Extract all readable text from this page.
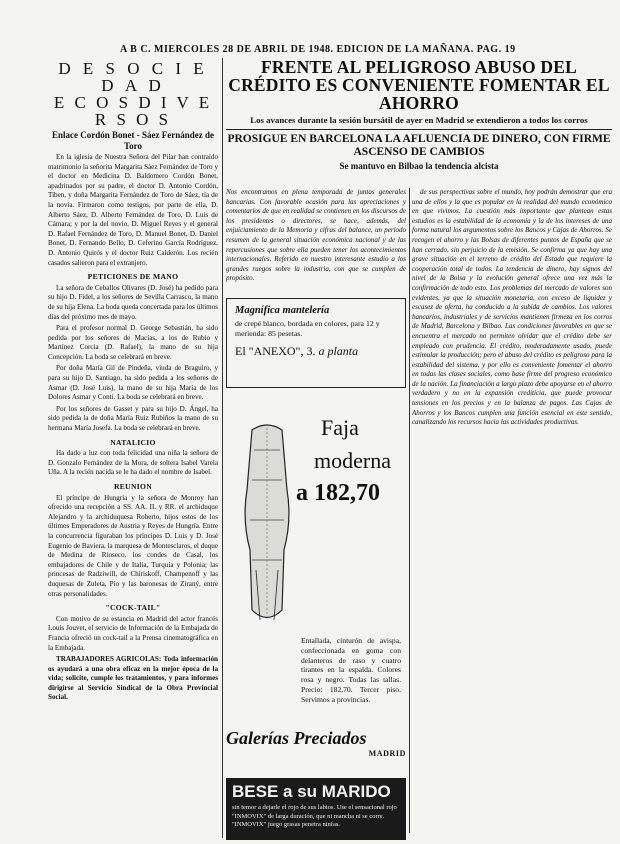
A B C. MIERCOLES 28 DE ABRIL DE 1948. EDICION DE LA MAÑANA. PAG. 19
D E S O C I E D A D
E C O S D I V E R S O S
Enlace Cordón Bonet - Sáez Fernández de Toro

En la iglesia de Nuestra Señora del Pilar han contraído matrimonio la señorita Margarita Sáez Fernández de Toro y el doctor en Medicina D. Baldomero Cordón Bonet, apadrinados por su padre, el doctor D. Antonio Cordón, Tiben, y doña Margarita Fernández de Toro de Sáez, tía de la novia. Firmaron como testigos, por parte de ella, D. Alberto Sáez, D. Alberto Fernández de Toro, D. Luis de Cámara; y por la del novio, D. Miguel Reyes y el general D. Rafael Fernández de Toro, D. Manuel Bonet, D. Daniel Bonet, D. Fernando Bello, D. Ceferino García Rodríguez, D. Antonio Quirós y el doctor Ruiz Calderón. Los recién casados salieron para el extranjero.

PETICIONES DE MANO

La señora de Ceballos Olivares (D. José) ha pedido para su hijo D. Fidel, a los señores de Sevilla Carrasco, la mano de su hija Elena. La boda queda concertada para los últimos días del próximo mes de mayo.

Para el profesor normal D. George Sebastián, ha sido pedida por los señores de Macías, a los de Rubio y Martínez Corcia (D. Rafael), la mano de su hija Concepción. La boda se celebrará en breve.

Por doña María Gil de Pindeña, viuda de Braguiro, y para su hijo D. Santiago, ha sido pedida a los señores de Asmar (D. José Luis), la mano de su hija María de los Dolores Asmar y Conti. La boda se celebrará en breve.

Por los señores de Gasset y para su hijo D. Ángel, ha sido pedida la de doña María Ruiz Rubiños la mano de su hermana María Josefa. La boda se celebrará en breve.

NATALICIO

Ha dado a luz con toda felicidad una niña la señora de D. Gonzalo Fernández de la Mora, de soltera Isabel Varela Uña. A la recién nacida se le ha dado el nombre de Isabel.

REUNION

El príncipe de Hungría y la señora de Monroy han ofrecido una recepción a SS. AA. II. y RR. el archiduque Alejandro y la archiduquesa Roberto, hijos estos de los últimos Emperadores de Austria y Reyes de Hungría. Entre la concurrencia figuraban los príncipes D. Luis y D. José Eugenio de Baviera, la marquesa de Montesclaros, el duque de Medina de Rioseco, los condes de Casal, los embajadores de Chile y de Italia, Turquía y Polonia; las princesas de Radziwill, de Chiriskoff, Champenoff y las duquesas de Zuleta, Pío y las baronesas de Ziraný, entre otras personalidades.

"COCK-TAIL"

Con motivo de su estancia en Madrid del actor francés Louis Jouvet, el servicio de Información de la Embajada de Francia ofreció un cock-tail a la Prensa cinematográfica en la Embajada.

TRABAJADORES AGRICOLAS: Toda información os ayudará a una obra eficaz en la mejor época de la vida; solicite, cumple los tratamientos, y para informes dirigirse al Servicio Sindical de la Obra Provincial Social.

FRENTE AL PELIGROSO ABUSO DEL CRÉDITO ES CONVENIENTE FOMENTAR EL AHORRO
Los avances durante la sesión bursátil de ayer en Madrid se extendieron a todos los corros
PROSIGUE EN BARCELONA LA AFLUENCIA DE DINERO, CON FIRME ASCENSO DE CAMBIOS
Se mantuvo en Bilbao la tendencia alcista
Nos encontramos en plena temporada de juntas generales bancarias. Con favorable ocasión para las apreciaciones y comentarios de que en realidad se contienen en los discursos de los presidentes o directores, se hace, además, del enjuiciamiento de la Memoria y cifras del balance, un período resumen de la general situación económica nacional y de las repercusiones que sobre ella pueden tener los acontecimientos internacionales. Referido en nuestro interesante estudio a los grandes ruegos sobre la industria, con que se cumplen de propósito.
Magnífica mantelería
de crepé blanco, bordada en colores, para 12 y merienda: 85 pesetas.
El "ANEXO", 3. a planta
Faja
moderna
a 182,70
Entallada, cinturón de avispa, confeccionada en goma con delanteros de raso y cuatro tirantes en la espalda. Colores rosa y negro. Todas las tallas. Precio: 182,70. Tercer piso. Servimos a provincias.
Galerías Preciados
MADRID
BESE a su MARIDO
sin temor a dejarle el rojo de sus labios. Use el sensacional rojo "INMOVIX" de larga duración, que ni mancha ni se corre. "INMOVIX" juego grasas penetra ninfas.

de sus perspectivas sobre el mundo, hoy podrán demostrar que era una de ellos y la que es popular en la realidad del mundo económico en que vivimos. La cuestión más importante que plantean estas estudios es la estabilidad de la economía y la de los intereses de una forma natural los argumentos sobre los Bancos y Cajas de Ahorros. Se recogen el ahorro y las Bolsas de diferentes puntos de España que se han cerrado, sin perjuicio de la emisión. Se confirma ya que hay una grave situación en el terreno de crédito del Estado que requiere la cooperación total de todos. La tendencia de dinero, hay signos del nivel de la Bolsa y la evolución general ofrece una vez más la confirmación de todo esto. Los problemas del mercado de valores son evidentes, ya que la situación monetaria, con exceso de liquidez y escasez de oferta, ha conducido a la subida de cambios. Los valores bancarios, industriales y de servicios mantienen firmeza en los corros de Madrid, Barcelona y Bilbao. Las condiciones favorables en que se encuentra el mercado no permiten olvidar que el crédito debe ser empleado con prudencia. El crédito, moderadamente usado, puede estimular la producción; pero el abuso del crédito es peligroso para la estabilidad del sistema, y por ello es conveniente fomentar el ahorro en todas las clases sociales, como base firme del progreso económico de la nación. La financiación a largo plazo debe apoyarse en el ahorro verdadero y no en la expansión crediticia, que puede provocar tensiones en los precios y en la balanza de pagos. Las Cajas de Ahorros y los Bancos cumplen una función esencial en este sentido, canalizando los recursos hacia las actividades productivas.
